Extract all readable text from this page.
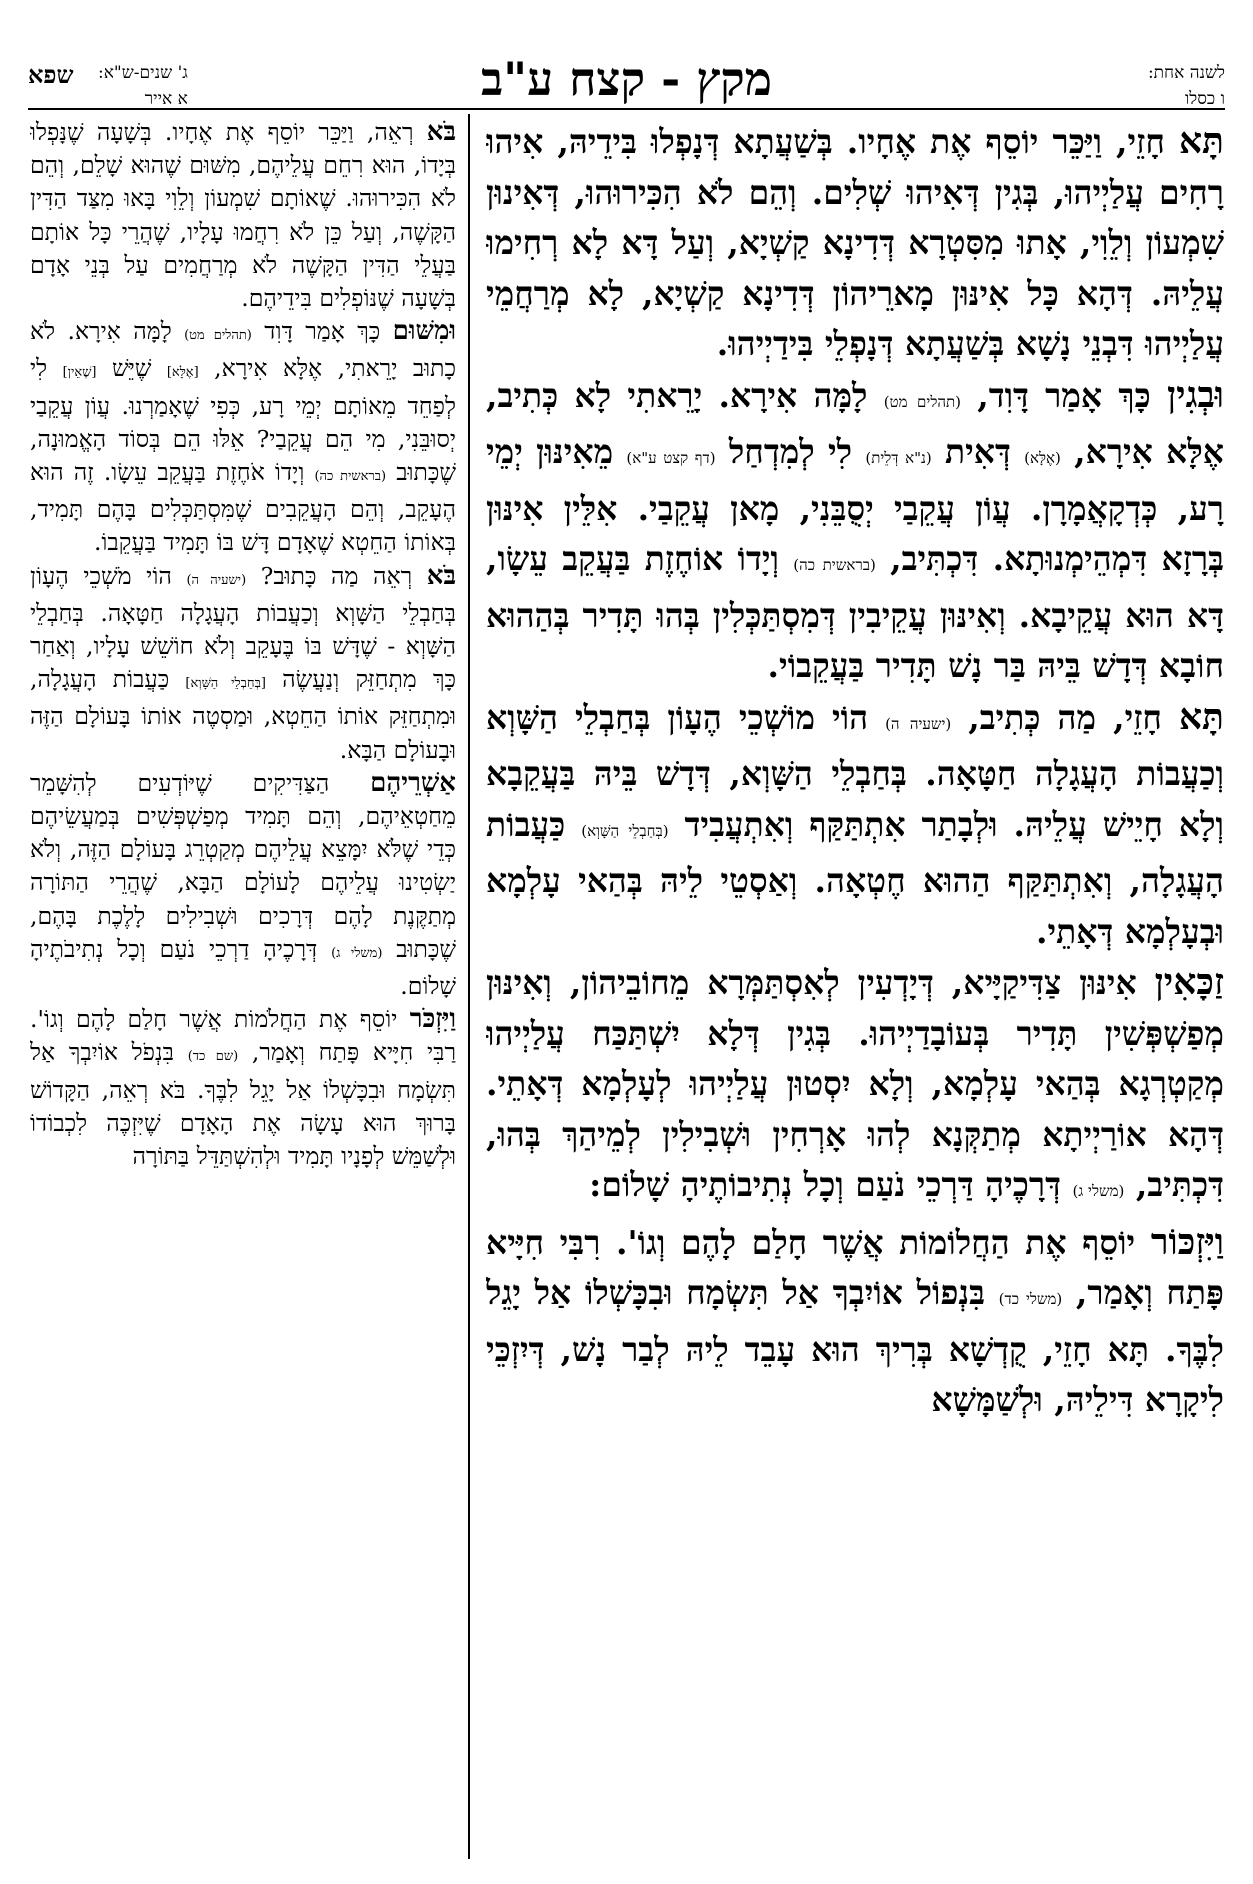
לשנה אחת:
ו כסלו
מקץ - קצח ע"ב
ג' שנים-ש"א:
א אייר
שפא

תָּא חָזֵי, וַיַּכֵּר יוֹסֵף אֶת אֶחָיו. בְּשַׁעֲתָא דְּנָפְלוּ בִּידֵיהּ, אִיהוּ רָחִים עֲלַיְיהוּ, בְּגִין דְּאִיהוּ שְׁלִים. וְהֵם לֹא הִכִּירוּהוּ, דְּאִינוּן שִׁמְעוֹן וְלֵוִי, אָתוּ מִסִּטְרָא דְּדִינָא קַשְׁיָא, וְעַל דָּא לָא רְחִימוּ עֲלֵיהּ. דְּהָא כָּל אִינּוּן מָארֵיהוֹן דְּדִינָא קַשְׁיָא, לָא מְרַחֲמֵי עֲלַיְיהוּ דִּבְנֵי נָשָׁא בְּשַׁעֲתָא דְּנָפְלֵי בִּידַיְיהוּ.

וּבְגִין כָּךְ אָמַר דָּוִד, (תהלים מט) לָמָּה אִירָא. יָרֵאתִי לָא כְּתִיב, אֶלָּא אִירָא, (אֶלָּא) דְּאִית (נ"א דְּלֵית) לִי לְמִדְחַל (דף קצט ע"א) מֵאִינּוּן יְמֵי רָע, כְּדְקָאֲמָרָן. עֲוֹן עֲקֵבַי יְסֻבֵּנִי, מָאן עֲקֵבַי. אִלֵּין אִינּוּן בְּרָזָא דִּמְהֵימְנוּתָא. דִּכְתִּיב, (בראשית כה) וְיָדוֹ אוֹחֶזֶת בַּעֲקֵב עֵשָׂו, דָּא הוּא עֲקֵיבָא. וְאִינּוּן עֲקֵיבִין דְּמִסְתַּכְּלִין בְּהוּ תָּדִיר בְּהַהוּא חוֹבָא דְּדָשׁ בֵּיהּ בַּר נָשׁ תָּדִיר בַּעֲקֵבוֹי.

תָּא חָזֵי, מַה כְּתִיב, (ישעיה ה) הוֹי מוֹשְׁכֵי הֶעָוֹן בְּחַבְלֵי הַשָּׁוְא וְכַעֲבוֹת הָעֲגָלָה חַטָּאָה. בְּחַבְלֵי הַשָּׁוְא, דְּדָשׁ בֵּיהּ בַּעֲקֵבָא וְלָא חָיֵישׁ עֲלֵיהּ. וּלְבָתַר אִתְתַּקַּף וְאִתְעֲבִיד (בְּחַבְלֵי הַשָּׁוְא) כַּעֲבוֹת הָעֲגָלָה, וְאִתְתַּקַּף הַהוּא חֶטְאָה. וְאַסְטֵי לֵיהּ בְּהַאי עָלְמָא וּבְעָלְמָא דְּאָתֵי.

זַכָּאִין אִינּוּן צַדִּיקַיָּיא, דְּיָדְעִין לְאִסְתַּמְּרָא מֵחוֹבֵיהוֹן, וְאִינּוּן מְפַשְׁפְּשִׁין תָּדִיר בְּעוֹבָדַיְיהוּ. בְּגִין דְּלָא יִשְׁתַּכַּח עֲלַיְיהוּ מְקַטְרְגָא בְּהַאי עָלְמָא, וְלָא יִסְטוּן עֲלַיְיהוּ לְעָלְמָא דְּאָתֵי. דְּהָא אוֹרַיְיתָא מְתַקְּנָא לְהוּ אָרְחִין וּשְׁבִילִין לְמֵיהַךְ בְּהוּ, דִּכְתִּיב, (משלי ג) דְּרָכֶיהָ דַּרְכֵי נֹעַם וְכָל נְתִיבוֹתֶיהָ שָׁלוֹם:

וַיִּזְכּוֹר יוֹסֵף אֶת הַחֲלוֹמוֹת אֲשֶׁר חָלַם לָהֶם וְגוֹ'. רִבִּי חִיָּיא פָּתַח וְאָמַר, (משלי כד) בִּנְפוֹל אוֹיִבְךָ אַל תִּשְׂמָח וּבִכָּשְׁלוֹ אַל יָגֵל לִבֶּךָ. תָּא חָזֵי, קֻדְשָׁא בְּרִיךְ הוּא עָבֵד לֵיהּ לְבַר נָשׁ, דְּיִזְכֵּי לִיקָרָא דִּילֵיהּ, וּלְשַׁמָּשָׁא

בֹּא רְאֵה, וַיַּכֵּר יוֹסֵף אֶת אֶחָיו. בְּשָׁעָה שֶׁנָּפְלוּ בְּיָדוֹ, הוּא רִחֵם עֲלֵיהֶם, מִשּׁוּם שֶׁהוּא שָׁלֵם, וְהֵם לֹא הִכִּירוּהוּ. שֶׁאוֹתָם שִׁמְעוֹן וְלֵוִי בָּאוּ מִצַּד הַדִּין הַקָּשֶׁה, וְעַל כֵּן לֹא רִחֲמוּ עָלָיו, שֶׁהֲרֵי כָּל אוֹתָם בַּעֲלֵי הַדִּין הַקָּשֶׁה לֹא מְרַחֲמִים עַל בְּנֵי אָדָם בְּשָׁעָה שֶׁנּוֹפְלִים בִּידֵיהֶם.

וּמִשּׁוּם כָּךְ אָמַר דָּוִד (תהלים מט) לָמָּה אִירָא. לֹא כָתוּב יָרֵאתִי, אֶלָּא אִירָא, [אֶלָּא] שֶׁיֵּשׁ [שֶׁאֵין] לִי לְפַחֵד מֵאוֹתָם יְמֵי רָע, כְּפִי שֶׁאָמַרְנוּ. עֲוֹן עֲקֵבַי יְסוּבֵּנִי, מִי הֵם עֲקֵבַי? אֵלּוּ הֵם בְּסוֹד הָאֱמוּנָה, שֶׁכָּתוּב (בראשית כה) וְיָדוֹ אֹחֶזֶת בַּעֲקֵב עֵשָׂו. זֶה הוּא הֶעָקֵב, וְהֵם הָעֲקֵבִים שֶׁמִּסְתַּכְּלִים בָּהֶם תָּמִיד, בְּאוֹתוֹ הַחֵטְא שֶׁאָדָם דָּשׁ בּוֹ תָּמִיד בַּעֲקֵבוֹ.

בֹּא רְאֵה מַה כָּתוּב? (ישעיה ה) הוֹי מֹשְׁכֵי הֶעָוֹן בְּחַבְלֵי הַשָּׁוְא וְכַעֲבוֹת הָעֲגָלָה חַטָּאָה. בְּחַבְלֵי הַשָּׁוְא - שֶׁדָּשׁ בּוֹ בֶּעָקֵב וְלֹא חוֹשֵׁשׁ עָלָיו, וְאַחַר כָּךְ מִתְחַזֵּק וְנַעֲשֶׂה [בְּחַבְלֵי הַשָּׁוְא] כַּעֲבוֹת הָעֲגָלָה, וּמִתְחַזֵּק אוֹתוֹ הַחֵטְא, וּמַסְטֶה אוֹתוֹ בָּעוֹלָם הַזֶּה וּבָעוֹלָם הַבָּא.

אַשְׁרֵיהֶם הַצַּדִּיקִים שֶׁיּוֹדְעִים לְהִשָּׁמֵר מֵחַטְאֵיהֶם, וְהֵם תָּמִיד מְפַשְׁפְּשִׁים בְּמַעֲשֵׂיהֶם כְּדֵי שֶׁלֹּא יִמָּצֵא עֲלֵיהֶם מְקַטְרֵג בָּעוֹלָם הַזֶּה, וְלֹא יַשְׂטִינוּ עֲלֵיהֶם לָעוֹלָם הַבָּא, שֶׁהֲרֵי הַתּוֹרָה מְתַקֶּנֶת לָהֶם דְּרָכִים וּשְׁבִילִים לָלֶכֶת בָּהֶם, שֶׁכָּתוּב (משלי ג) דְּרָכֶיהָ דַרְכֵי נֹעַם וְכָל נְתִיבֹתֶיהָ שָׁלוֹם.

וַיִּזְכֹּר יוֹסֵף אֶת הַחֲלֹמוֹת אֲשֶׁר חָלַם לָהֶם וְגוֹ'. רַבִּי חִיָּיא פָּתַח וְאָמַר, (שם כד) בִּנְפֹל אוֹיִבְךָ אַל תִּשְׂמָח וּבִכָּשְׁלוֹ אַל יָגֵל לִבֶּךָ. בֹּא רְאֵה, הַקָּדוֹשׁ בָּרוּךְ הוּא עָשָׂה אֶת הָאָדָם שֶׁיִּזְכֶּה לִכְבוֹדוֹ וּלְשַׁמֵּשׁ לְפָנָיו תָּמִיד וּלְהִשְׁתַּדֵּל בַּתּוֹרָה
